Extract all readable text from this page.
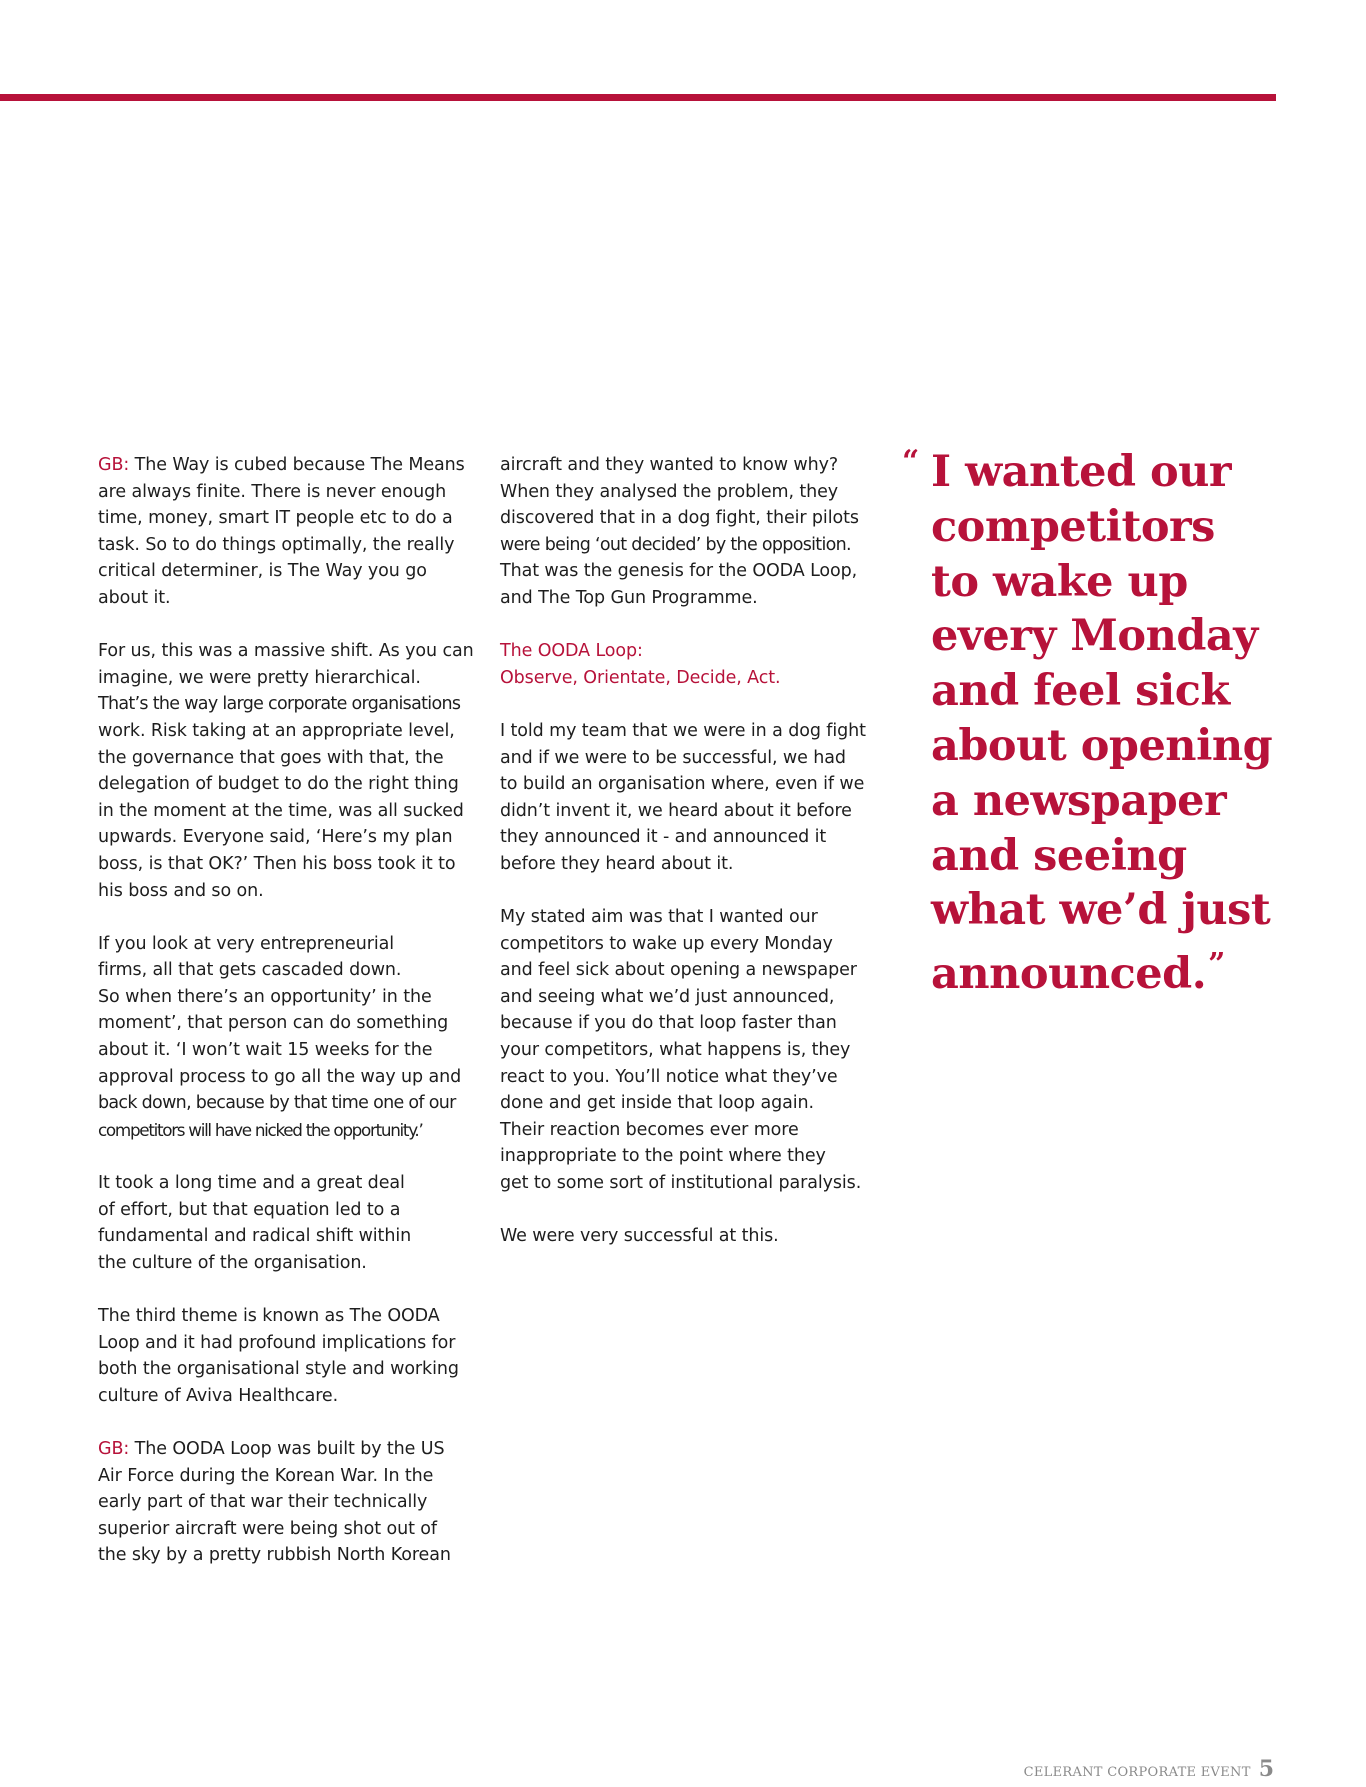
GB: The Way is cubed because The Means
are always finite. There is never enough
time, money, smart IT people etc to do a
task. So to do things optimally, the really
critical determiner, is The Way you go
about it.

For us, this was a massive shift. As you can
imagine, we were pretty hierarchical.
That’s the way large corporate organisations
work. Risk taking at an appropriate level,
the governance that goes with that, the
delegation of budget to do the right thing
in the moment at the time, was all sucked
upwards. Everyone said, ‘Here’s my plan
boss, is that OK?’ Then his boss took it to
his boss and so on.

If you look at very entrepreneurial
firms, all that gets cascaded down.
So when there’s an opportunity’ in the
moment’, that person can do something
about it. ‘I won’t wait 15 weeks for the
approval process to go all the way up and
back down, because by that time one of our
competitors will have nicked the opportunity.’

It took a long time and a great deal
of effort, but that equation led to a
fundamental and radical shift within
the culture of the organisation.

The third theme is known as The OODA
Loop and it had profound implications for
both the organisational style and working
culture of Aviva Healthcare.

GB: The OODA Loop was built by the US
Air Force during the Korean War. In the
early part of that war their technically
superior aircraft were being shot out of
the sky by a pretty rubbish North Korean

aircraft and they wanted to know why?
When they analysed the problem, they
discovered that in a dog fight, their pilots
were being ‘out decided’ by the opposition.
That was the genesis for the OODA Loop,
and The Top Gun Programme.

The OODA Loop:
Observe, Orientate, Decide, Act.

I told my team that we were in a dog fight
and if we were to be successful, we had
to build an organisation where, even if we
didn’t invent it, we heard about it before
they announced it - and announced it
before they heard about it.

My stated aim was that I wanted our
competitors to wake up every Monday
and feel sick about opening a newspaper
and seeing what we’d just announced,
because if you do that loop faster than
your competitors, what happens is, they
react to you. You’ll notice what they’ve
done and get inside that loop again.
Their reaction becomes ever more
inappropriate to the point where they
get to some sort of institutional paralysis.

We were very successful at this.

“ I wanted our
competitors
to wake up
every Monday
and feel sick
about opening
a newspaper
and seeing
what we’d just
announced.”
CELERANT CORPORATE EVENT 5
